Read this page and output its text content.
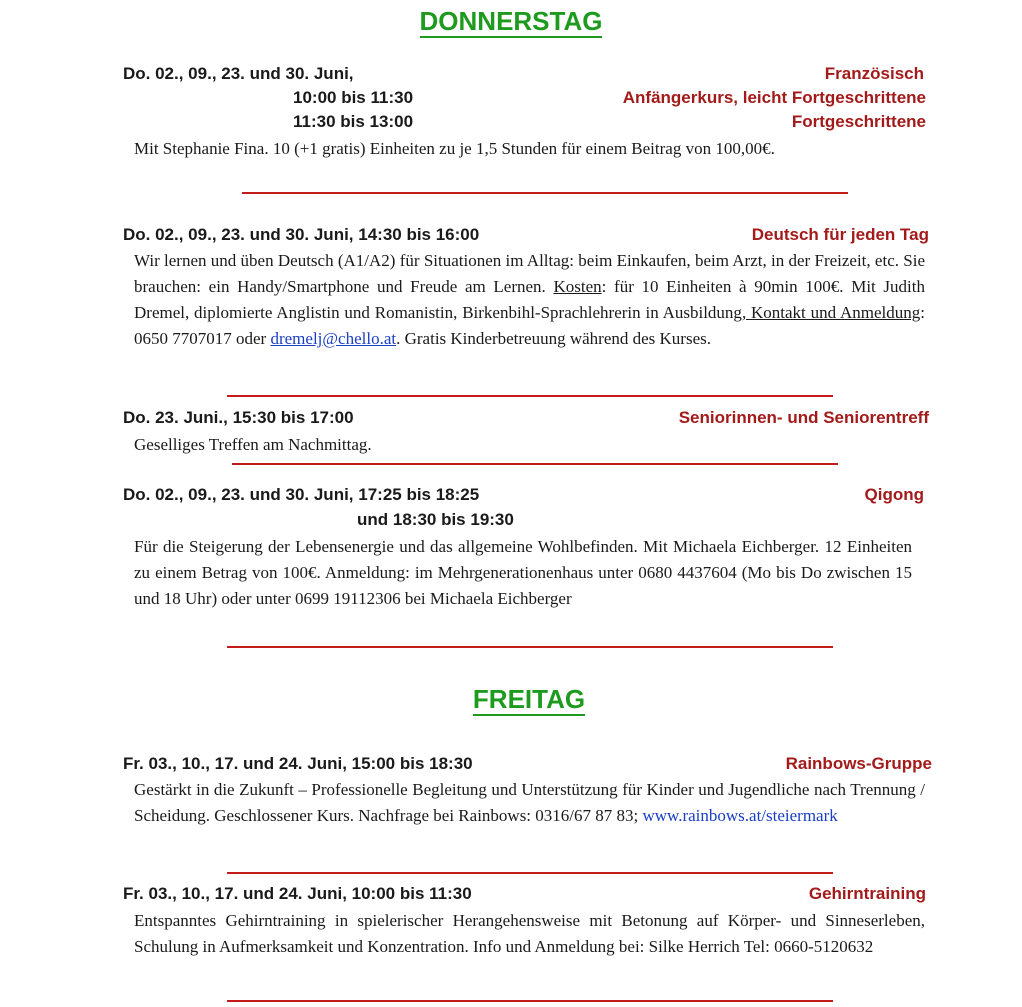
DONNERSTAG
Do. 02., 09., 23. und 30. Juni,	Französisch
10:00 bis 11:30	Anfängerkurs, leicht Fortgeschrittene
11:30 bis 13:00	Fortgeschrittene

Mit Stephanie Fina. 10 (+1 gratis) Einheiten zu je 1,5 Stunden für einem Beitrag von 100,00€.

Do. 02., 09., 23. und 30. Juni, 14:30 bis 16:00	Deutsch für jeden Tag

Wir lernen und üben Deutsch (A1/A2) für Situationen im Alltag: beim Einkaufen, beim Arzt, in der Freizeit, etc. Sie brauchen: ein Handy/Smartphone und Freude am Lernen. Kosten: für 10 Einheiten à 90min 100€. Mit Judith Dremel, diplomierte Anglistin und Romanistin, Birkenbihl-Sprachlehrerin in Ausbildung, Kontakt und Anmeldung: 0650 7707017 oder dremelj@chello.at. Gratis Kinderbetreuung während des Kurses.

Do. 23. Juni., 15:30 bis 17:00	Seniorinnen- und Seniorentreff

Geselliges Treffen am Nachmittag.

Do. 02., 09., 23. und 30. Juni, 17:25 bis 18:25	Qigong
und 18:30 bis 19:30

Für die Steigerung der Lebensenergie und das allgemeine Wohlbefinden. Mit Michaela Eichberger. 12 Einheiten zu einem Betrag von 100€. Anmeldung: im Mehrgenerationenhaus unter 0680 4437604 (Mo bis Do zwischen 15 und 18 Uhr) oder unter 0699 19112306 bei Michaela Eichberger

FREITAG
Fr. 03., 10., 17. und 24. Juni, 15:00 bis 18:30	Rainbows-Gruppe

Gestärkt in die Zukunft – Professionelle Begleitung und Unterstützung für Kinder und Jugendliche nach Trennung / Scheidung. Geschlossener Kurs. Nachfrage bei Rainbows: 0316/67 87 83; www.rainbows.at/steiermark

Fr. 03., 10., 17. und 24. Juni, 10:00 bis 11:30	Gehirntraining

Entspanntes Gehirntraining in spielerischer Herangehensweise mit Betonung auf Körper- und Sinneserleben, Schulung in Aufmerksamkeit und Konzentration. Info und Anmeldung bei: Silke Herrich Tel: 0660-5120632
